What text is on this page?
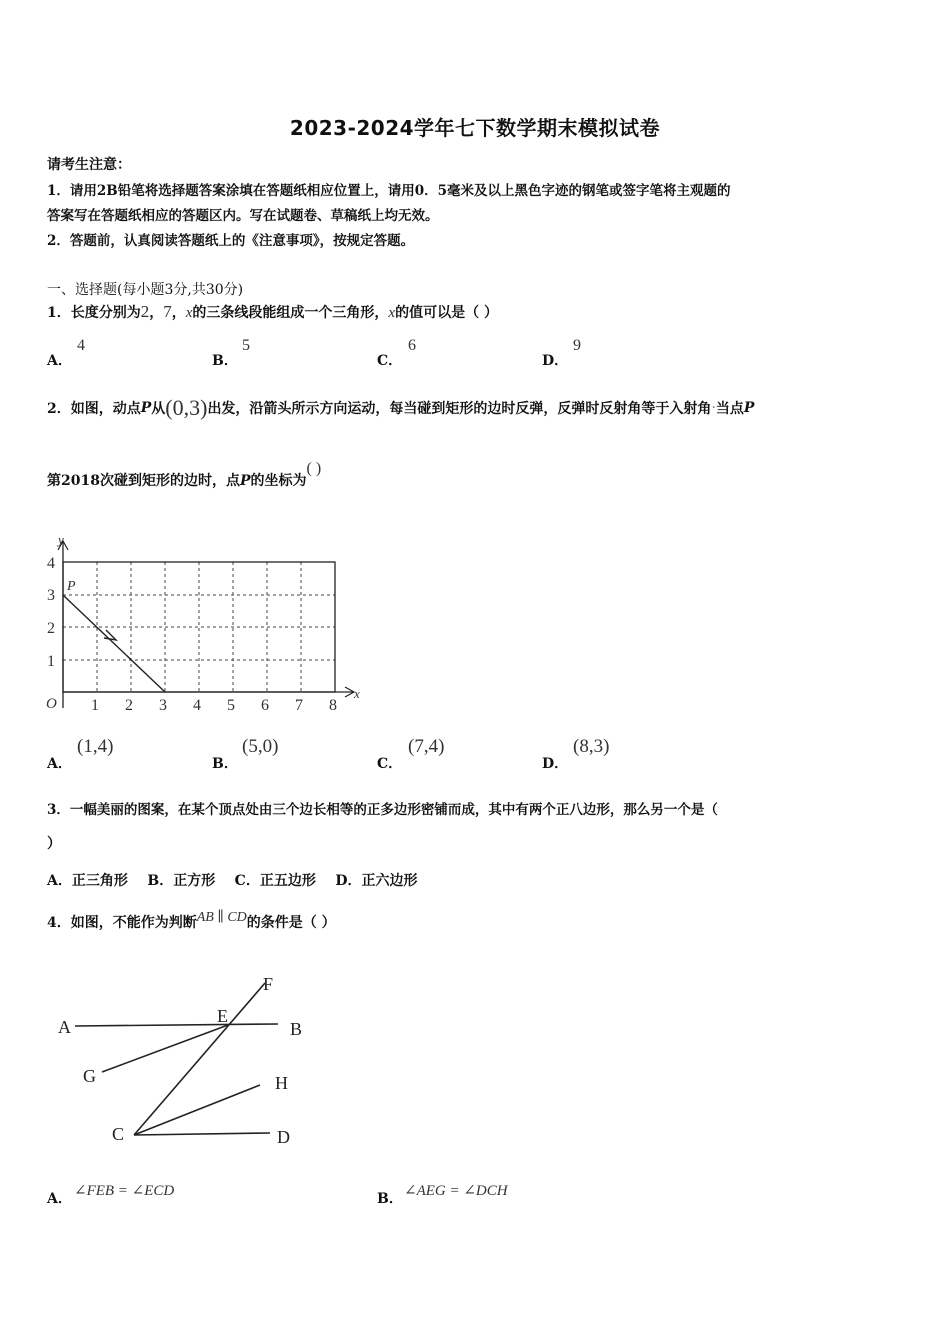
2023-2024学年七下数学期末模拟试卷
请考生注意：
1．请用2B铅笔将选择题答案涂填在答题纸相应位置上，请用0．5毫米及以上黑色字迹的钢笔或签字笔将主观题的
答案写在答题纸相应的答题区内。写在试题卷、草稿纸上均无效。
2．答题前，认真阅读答题纸上的《注意事项》，按规定答题。
一、选择题(每小题3分,共30分)
1．长度分别为2，7，x的三条线段能组成一个三角形，x的值可以是（ ）
A．
4
B．
5
C．
6
D．
9
2．如图，动点P从(0,3)出发，沿箭头所示方向运动，每当碰到矩形的边时反弹，反弹时反射角等于入射角·当点P
第2018次碰到矩形的边时，点P的坐标为( )
y
x
O
P
4
3
2
1
1 2 3 4 5 6 7 8
A．
(1,4)
B．
(5,0)
C．
(7,4)
D．
(8,3)
3．一幅美丽的图案，在某个顶点处由三个边长相等的正多边形密铺而成，其中有两个正八边形，那么另一个是（
）
A．正三角形    B．正方形    C．正五边形    D．正六边形
4．如图，不能作为判断AB ∥ CD的条件是（ ）
A
E
F
B
G	H
C	D
A． ∠FEB = ∠ECD	B． ∠AEG = ∠DCH
